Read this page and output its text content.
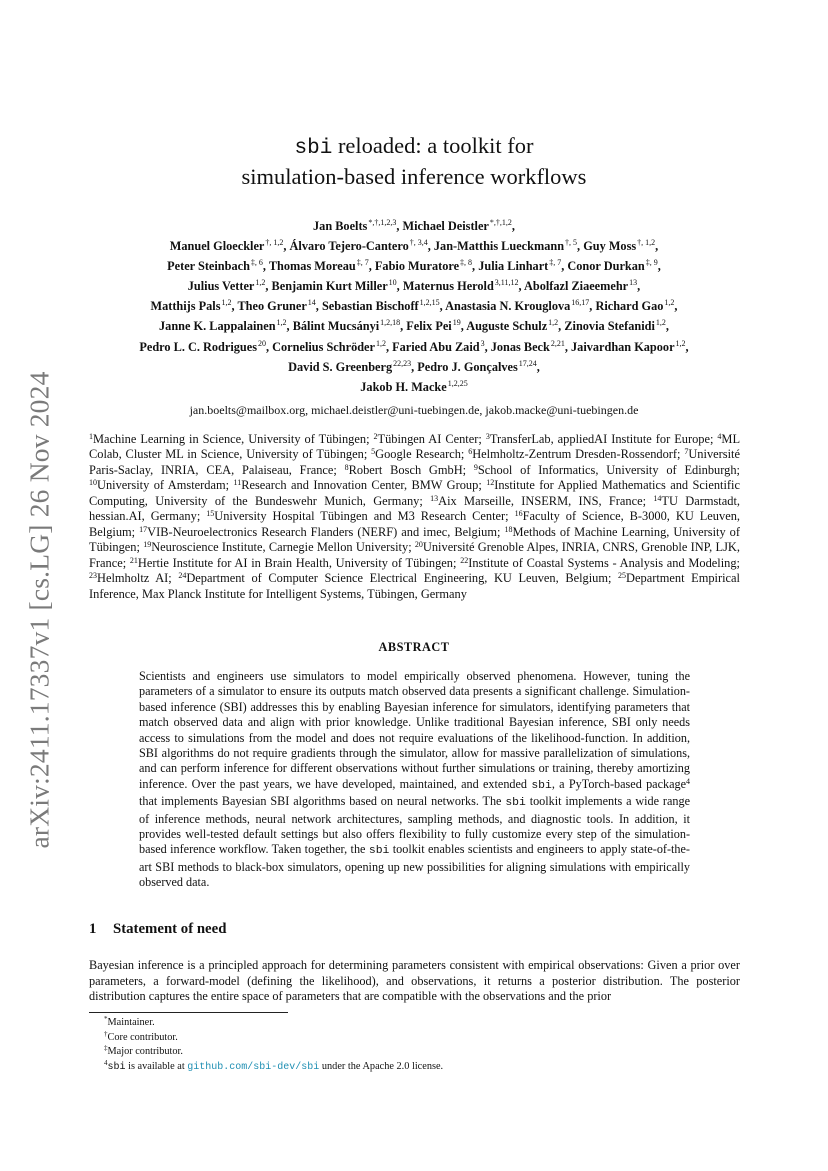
arXiv:2411.17337v1 [cs.LG] 26 Nov 2024
sbi reloaded: a toolkit for
simulation-based inference workflows
Jan Boelts$^{*,\dagger,1,2,3}$, Michael Deistler$^{*,\dagger,1,2}$,
Manuel Gloeckler$^{\dagger, 1,2}$, Álvaro Tejero-Cantero$^{\dagger, 3,4}$, Jan-Matthis Lueckmann$^{\dagger, 5}$, Guy Moss$^{\dagger, 1,2}$,
Peter Steinbach$^{\ddagger, 6}$, Thomas Moreau$^{\ddagger, 7}$, Fabio Muratore$^{\ddagger, 8}$, Julia Linhart$^{\ddagger, 7}$, Conor Durkan$^{\ddagger, 9}$,
Julius Vetter$^{1,2}$, Benjamin Kurt Miller$^{10}$, Maternus Herold$^{3,11,12}$, Abolfazl Ziaeemehr$^{13}$,
Matthijs Pals$^{1,2}$, Theo Gruner$^{14}$, Sebastian Bischoff$^{1,2,15}$, Anastasia N. Krouglova$^{16,17}$, Richard Gao$^{1,2}$,
Janne K. Lappalainen$^{1,2}$, Bálint Mucsányi$^{1,2,18}$, Felix Pei$^{19}$, Auguste Schulz$^{1,2}$, Zinovia Stefanidi$^{1,2}$,
Pedro L. C. Rodrigues$^{20}$, Cornelius Schröder$^{1,2}$, Faried Abu Zaid$^3$, Jonas Beck$^{2,21}$, Jaivardhan Kapoor$^{1,2}$,
David S. Greenberg$^{22,23}$, Pedro J. Gonçalves$^{17,24}$,
Jakob H. Macke$^{1,2,25}$
jan.boelts@mailbox.org, michael.deistler@uni-tuebingen.de, jakob.macke@uni-tuebingen.de
$^1$Machine Learning in Science, University of Tübingen; $^2$Tübingen AI Center; $^3$TransferLab, appliedAI Institute for Europe; $^4$ML Colab, Cluster ML in Science, University of Tübingen; $^5$Google Research; $^6$Helmholtz-Zentrum Dresden-Rossendorf; $^7$Université Paris-Saclay, INRIA, CEA, Palaiseau, France; $^8$Robert Bosch GmbH; $^9$School of Informatics, University of Edinburgh; $^{10}$University of Amsterdam; $^{11}$Research and Innovation Center, BMW Group; $^{12}$Institute for Applied Mathematics and Scientific Computing, University of the Bundeswehr Munich, Germany; $^{13}$Aix Marseille, INSERM, INS, France; $^{14}$TU Darmstadt, hessian.AI, Germany; $^{15}$University Hospital Tübingen and M3 Research Center; $^{16}$Faculty of Science, B-3000, KU Leuven, Belgium; $^{17}$VIB-Neuroelectronics Research Flanders (NERF) and imec, Belgium; $^{18}$Methods of Machine Learning, University of Tübingen; $^{19}$Neuroscience Institute, Carnegie Mellon University; $^{20}$Université Grenoble Alpes, INRIA, CNRS, Grenoble INP, LJK, France; $^{21}$Hertie Institute for AI in Brain Health, University of Tübingen; $^{22}$Institute of Coastal Systems - Analysis and Modeling; $^{23}$Helmholtz AI; $^{24}$Department of Computer Science Electrical Engineering, KU Leuven, Belgium; $^{25}$Department Empirical Inference, Max Planck Institute for Intelligent Systems, Tübingen, Germany
ABSTRACT
Scientists and engineers use simulators to model empirically observed phenomena. However, tuning the parameters of a simulator to ensure its outputs match observed data presents a significant challenge. Simulation-based inference (SBI) addresses this by enabling Bayesian inference for simulators, identifying parameters that match observed data and align with prior knowledge. Unlike traditional Bayesian inference, SBI only needs access to simulations from the model and does not require evaluations of the likelihood-function. In addition, SBI algorithms do not require gradients through the simulator, allow for massive parallelization of simulations, and can perform inference for different observations without further simulations or training, thereby amortizing inference. Over the past years, we have developed, maintained, and extended sbi, a PyTorch-based package$^4$ that implements Bayesian SBI algorithms based on neural networks. The sbi toolkit implements a wide range of inference methods, neural network architectures, sampling methods, and diagnostic tools. In addition, it provides well-tested default settings but also offers flexibility to fully customize every step of the simulation-based inference workflow. Taken together, the sbi toolkit enables scientists and engineers to apply state-of-the-art SBI methods to black-box simulators, opening up new possibilities for aligning simulations with empirically observed data.
1 Statement of need
Bayesian inference is a principled approach for determining parameters consistent with empirical observations: Given a prior over parameters, a forward-model (defining the likelihood), and observations, it returns a posterior distribution. The posterior distribution captures the entire space of parameters that are compatible with the observations and the prior
*Maintainer.
†Core contributor.
‡Major contributor.
$^4$sbi is available at github.com/sbi-dev/sbi under the Apache 2.0 license.
